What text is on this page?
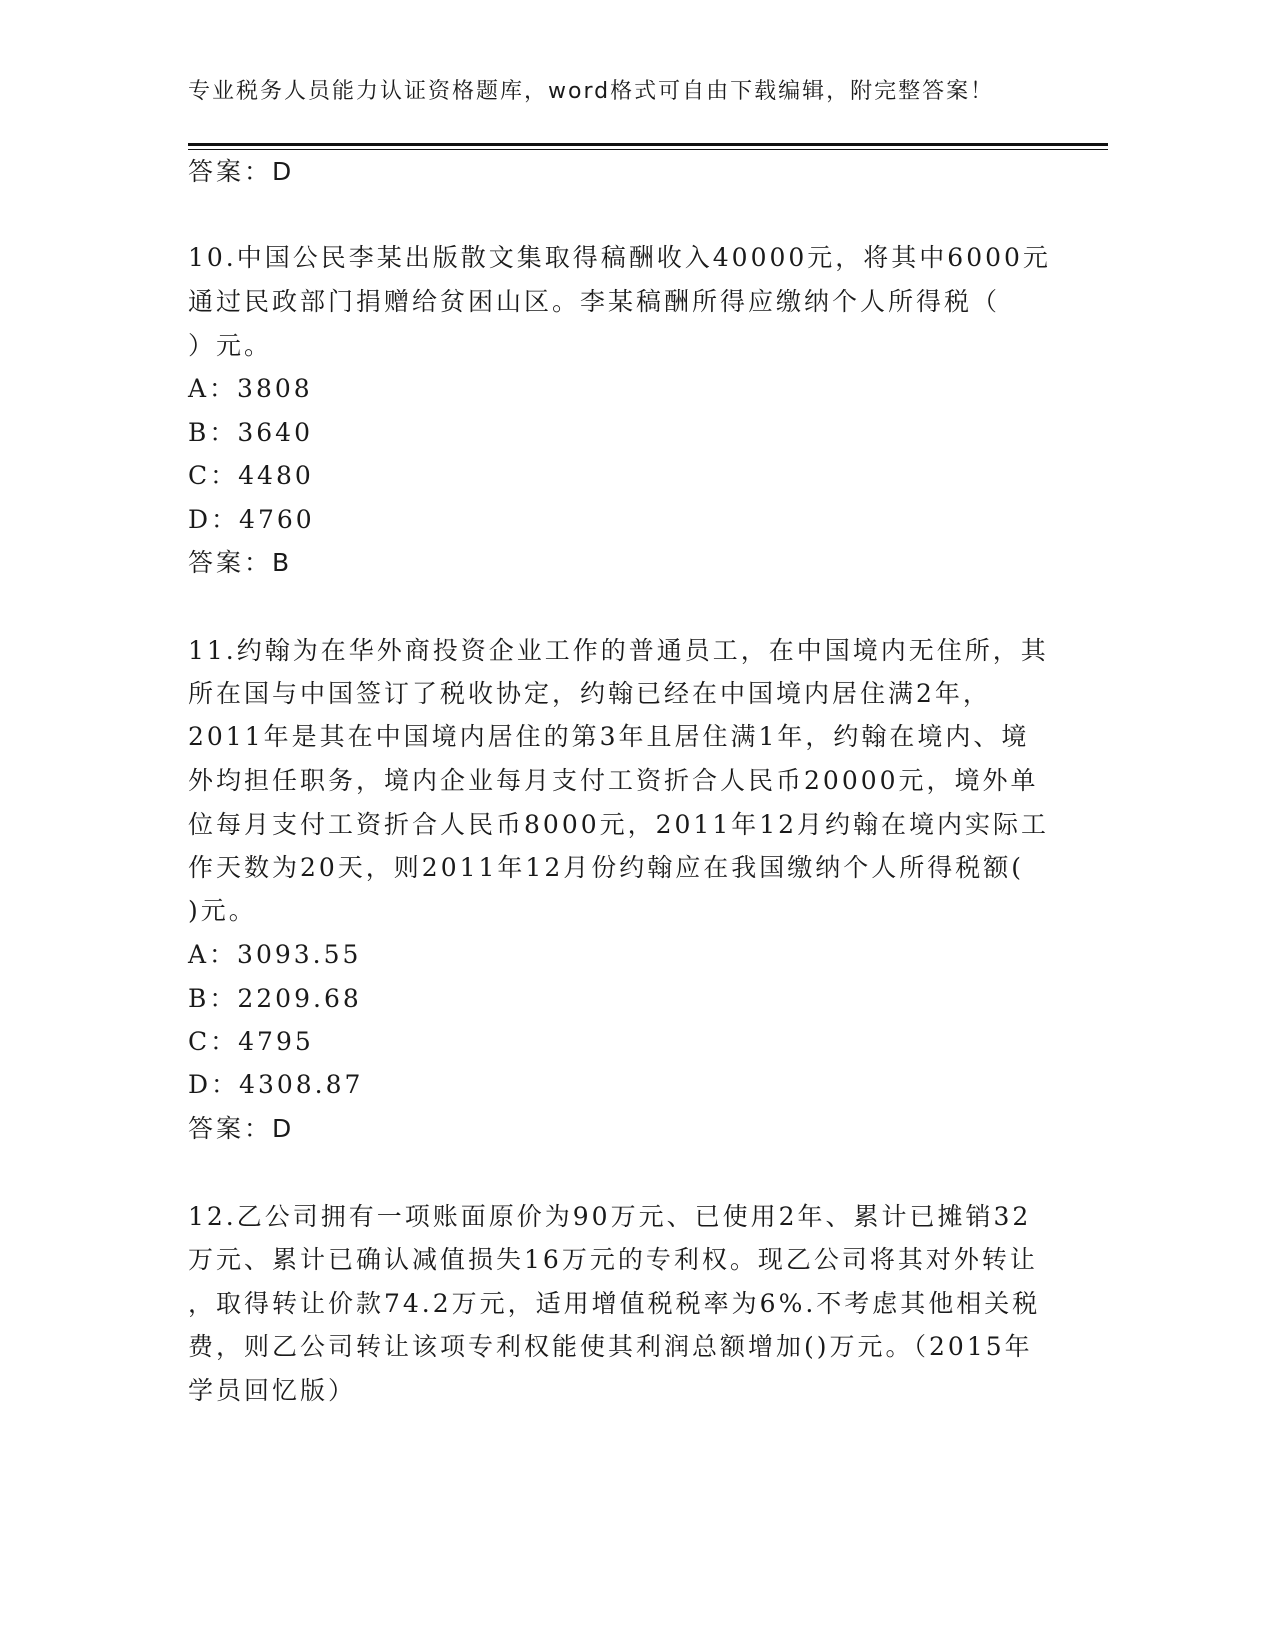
专业税务人员能力认证资格题库，word格式可自由下载编辑，附完整答案！
答案：D
10.中国公民李某出版散文集取得稿酬收入40000元，将其中6000元
通过民政部门捐赠给贫困山区。李某稿酬所得应缴纳个人所得税（
）元。
A：3808
B：3640
C：4480
D：4760
答案：B
11.约翰为在华外商投资企业工作的普通员工，在中国境内无住所，其
所在国与中国签订了税收协定，约翰已经在中国境内居住满2年，
2011年是其在中国境内居住的第3年且居住满1年，约翰在境内、境
外均担任职务，境内企业每月支付工资折合人民币20000元，境外单
位每月支付工资折合人民币8000元，2011年12月约翰在境内实际工
作天数为20天，则2011年12月份约翰应在我国缴纳个人所得税额(
)元。
A：3093.55
B：2209.68
C：4795
D：4308.87
答案：D
12.乙公司拥有一项账面原价为90万元、已使用2年、累计已摊销32
万元、累计已确认减值损失16万元的专利权。现乙公司将其对外转让
，取得转让价款74.2万元，适用增值税税率为6%.不考虑其他相关税
费，则乙公司转让该项专利权能使其利润总额增加()万元。（2015年
学员回忆版）
